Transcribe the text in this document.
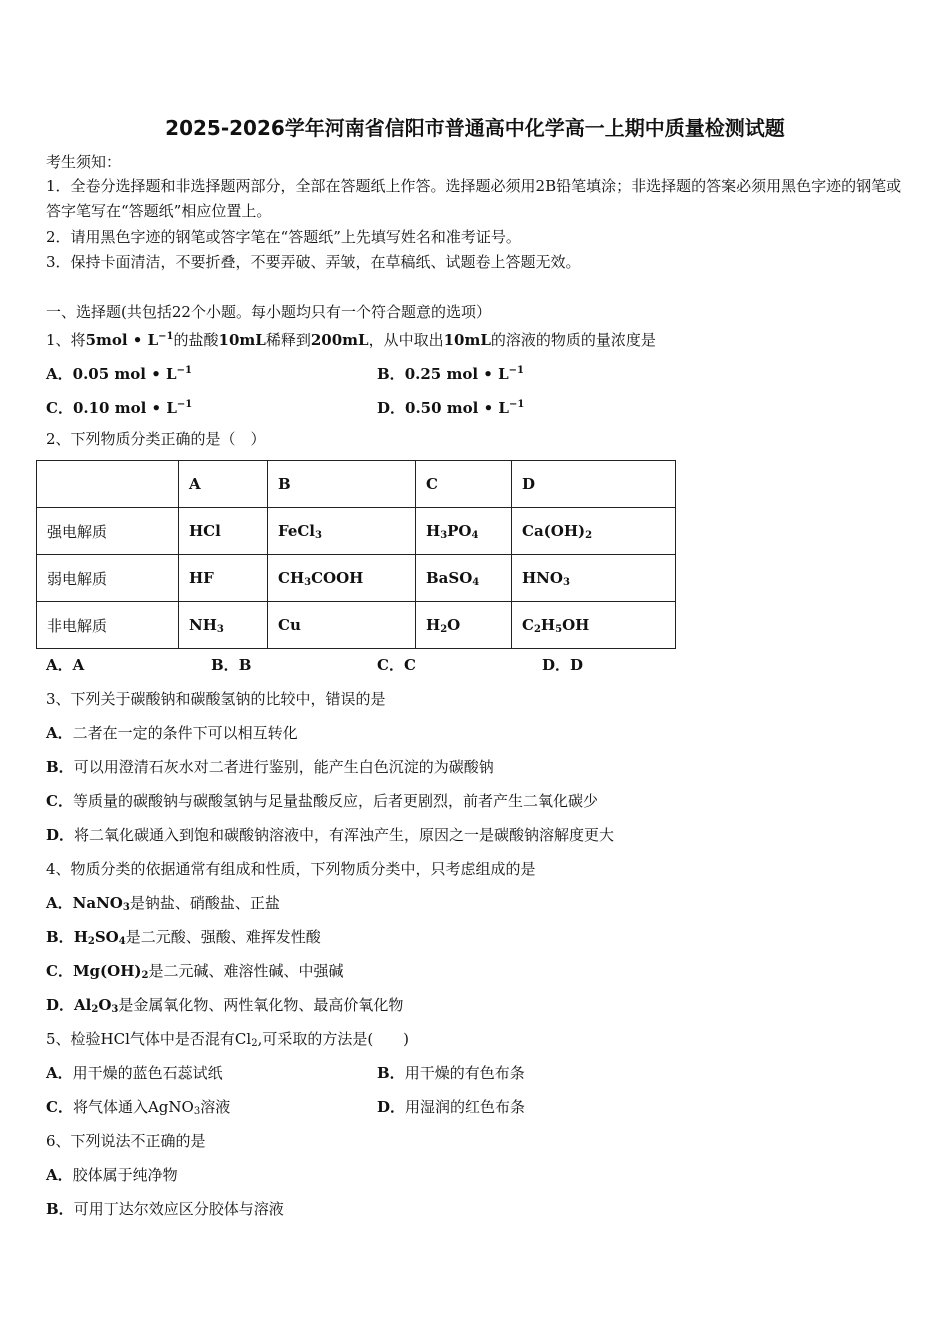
2025-2026学年河南省信阳市普通高中化学高一上期中质量检测试题
考生须知：
1．全卷分选择题和非选择题两部分，全部在答题纸上作答。选择题必须用2B铅笔填涂；非选择题的答案必须用黑色字迹的钢笔或答字笔写在“答题纸”相应位置上。
2．请用黑色字迹的钢笔或答字笔在“答题纸”上先填写姓名和准考证号。
3．保持卡面清洁，不要折叠，不要弄破、弄皱，在草稿纸、试题卷上答题无效。
一、选择题(共包括22个小题。每小题均只有一个符合题意的选项）
1、将5mol • $L^{-1}$的盐酸10mL稀释到200mL，从中取出10mL的溶液的物质的量浓度是
A．0.05 mol • $L^{-1}$	B．0.25 mol • $L^{-1}$
C．0.10 mol • $L^{-1}$	D．0.50 mol • $L^{-1}$
2、下列物质分类正确的是（　）
	A	B	C	D
强电解质	HCl	FeCl$_3$	$H_3PO_4$	$Ca(OH)_2$
弱电解质	HF	$CH_3COOH$	BaSO$_4$	$HNO_3$
非电解质	$NH_3$	Cu	$H_2O$	$C_2H_5OH$
A．A	B．B	C．C	D．D
3、下列关于碳酸钠和碳酸氢钠的比较中，错误的是
A．二者在一定的条件下可以相互转化
B．可以用澄清石灰水对二者进行鉴别，能产生白色沉淀的为碳酸钠
C．等质量的碳酸钠与碳酸氢钠与足量盐酸反应，后者更剧烈，前者产生二氧化碳少
D．将二氧化碳通入到饱和碳酸钠溶液中，有浑浊产生，原因之一是碳酸钠溶解度更大
4、物质分类的依据通常有组成和性质，下列物质分类中，只考虑组成的是
A．NaNO$_3$是钠盐、硝酸盐、正盐
B．$H_2SO_4$是二元酸、强酸、难挥发性酸
C．$Mg(OH)_2$是二元碱、难溶性碱、中强碱
D．$Al_2O_3$是金属氧化物、两性氧化物、最高价氧化物
5、检验HCl气体中是否混有$Cl_2$,可采取的方法是(　　)
A．用干燥的蓝色石蕊试纸	B．用干燥的有色布条
C．将气体通入AgNO$_3$溶液	D．用湿润的红色布条
6、下列说法不正确的是
A．胶体属于纯净物
B．可用丁达尔效应区分胶体与溶液
